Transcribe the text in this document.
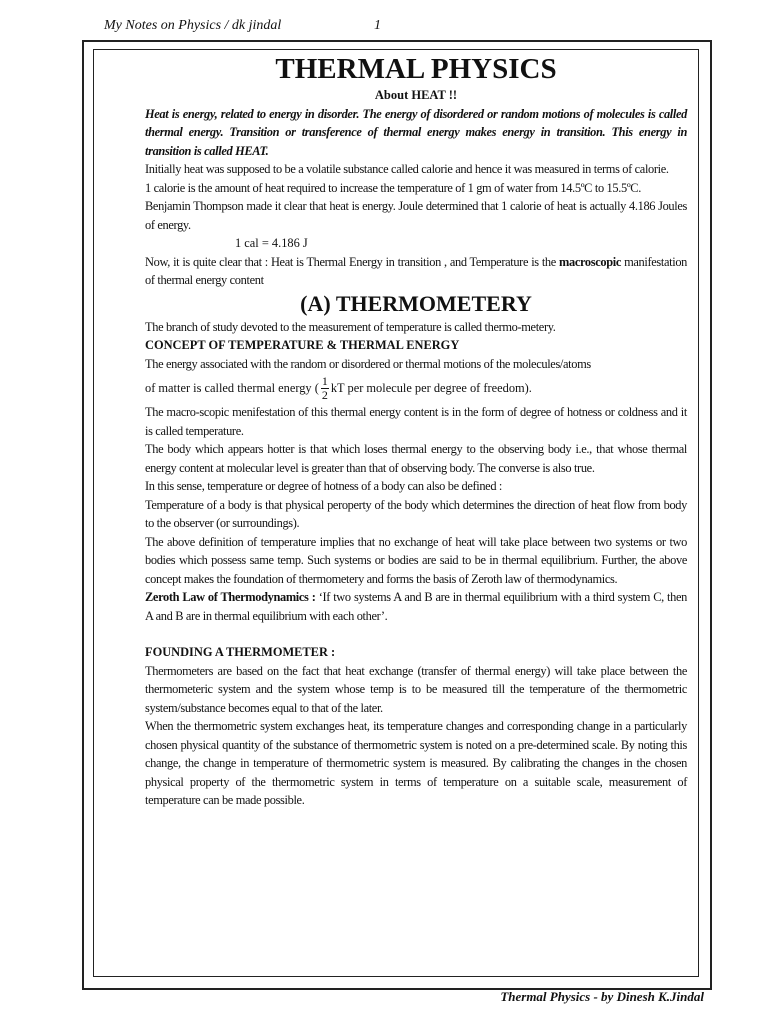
My Notes on Physics / dk jindal	1

THERMAL PHYSICS

About HEAT !!

Heat is energy, related to energy in disorder. The energy of disordered or random motions of molecules is called thermal energy. Transition or transference of thermal energy makes energy in transition. This energy in transition is called HEAT.

Initially heat was supposed to be a volatile substance called calorie and hence it was measured in terms of calorie.

1 calorie is the amount of heat required to increase the temperature of 1 gm of water from 14.5ºC to 15.5ºC.

Benjamin Thompson made it clear that heat is energy. Joule determined that 1 calorie of heat is actually 4.186 Joules of energy.

1 cal = 4.186 J

Now, it is quite clear that : Heat is Thermal Energy in transition , and Temperature is the macroscopic manifestation of thermal energy content

(A) THERMOMETERY

The branch of study devoted to the measurement of temperature is called thermo-metery.

CONCEPT OF TEMPERATURE & THERMAL ENERGY

The energy associated with the random or disordered or thermal motions of the molecules/atoms

of matter is called thermal energy ( $\frac{1}{2}$ kT per molecule per degree of freedom).

The macro-scopic menifestation of this thermal energy content is in the form of degree of hotness or coldness and it is called temperature.

The body which appears hotter is that which loses thermal energy to the observing body i.e., that whose thermal energy content at molecular level is greater than that of observing body. The converse is also true.

In this sense, temperature or degree of hotness of a body can also be defined :

Temperature of a body is that physical peroperty of the body which determines the direction of heat flow from body to the observer (or surroundings).

The above definition of temperature implies that no exchange of heat will take place between two systems or two bodies which possess same temp. Such systems or bodies are said to be in thermal equilibrium. Further, the above concept makes the foundation of thermometery and forms the basis of Zeroth law of thermodynamics.

Zeroth Law of Thermodynamics : ‘If two systems A and B are in thermal equilibrium with a third system C, then A and B are in thermal equilibrium with each other’.

FOUNDING A THERMOMETER :

Thermometers are based on the fact that heat exchange (transfer of thermal energy) will take place between the thermometeric system and the system whose temp is to be measured till the temperature of the thermometric system/substance becomes equal to that of the later.

When the thermometric system exchanges heat, its temperature changes and corresponding change in a particularly chosen physical quantity of the substance of thermometric system is noted on a pre-determined scale. By noting this change, the change in temperature of thermometric system is measured. By calibrating the changes in the chosen physical property of the thermometric system in terms of temperature on a suitable scale, measurement of temperature can be made possible.

Thermal Physics - by Dinesh K.Jindal
